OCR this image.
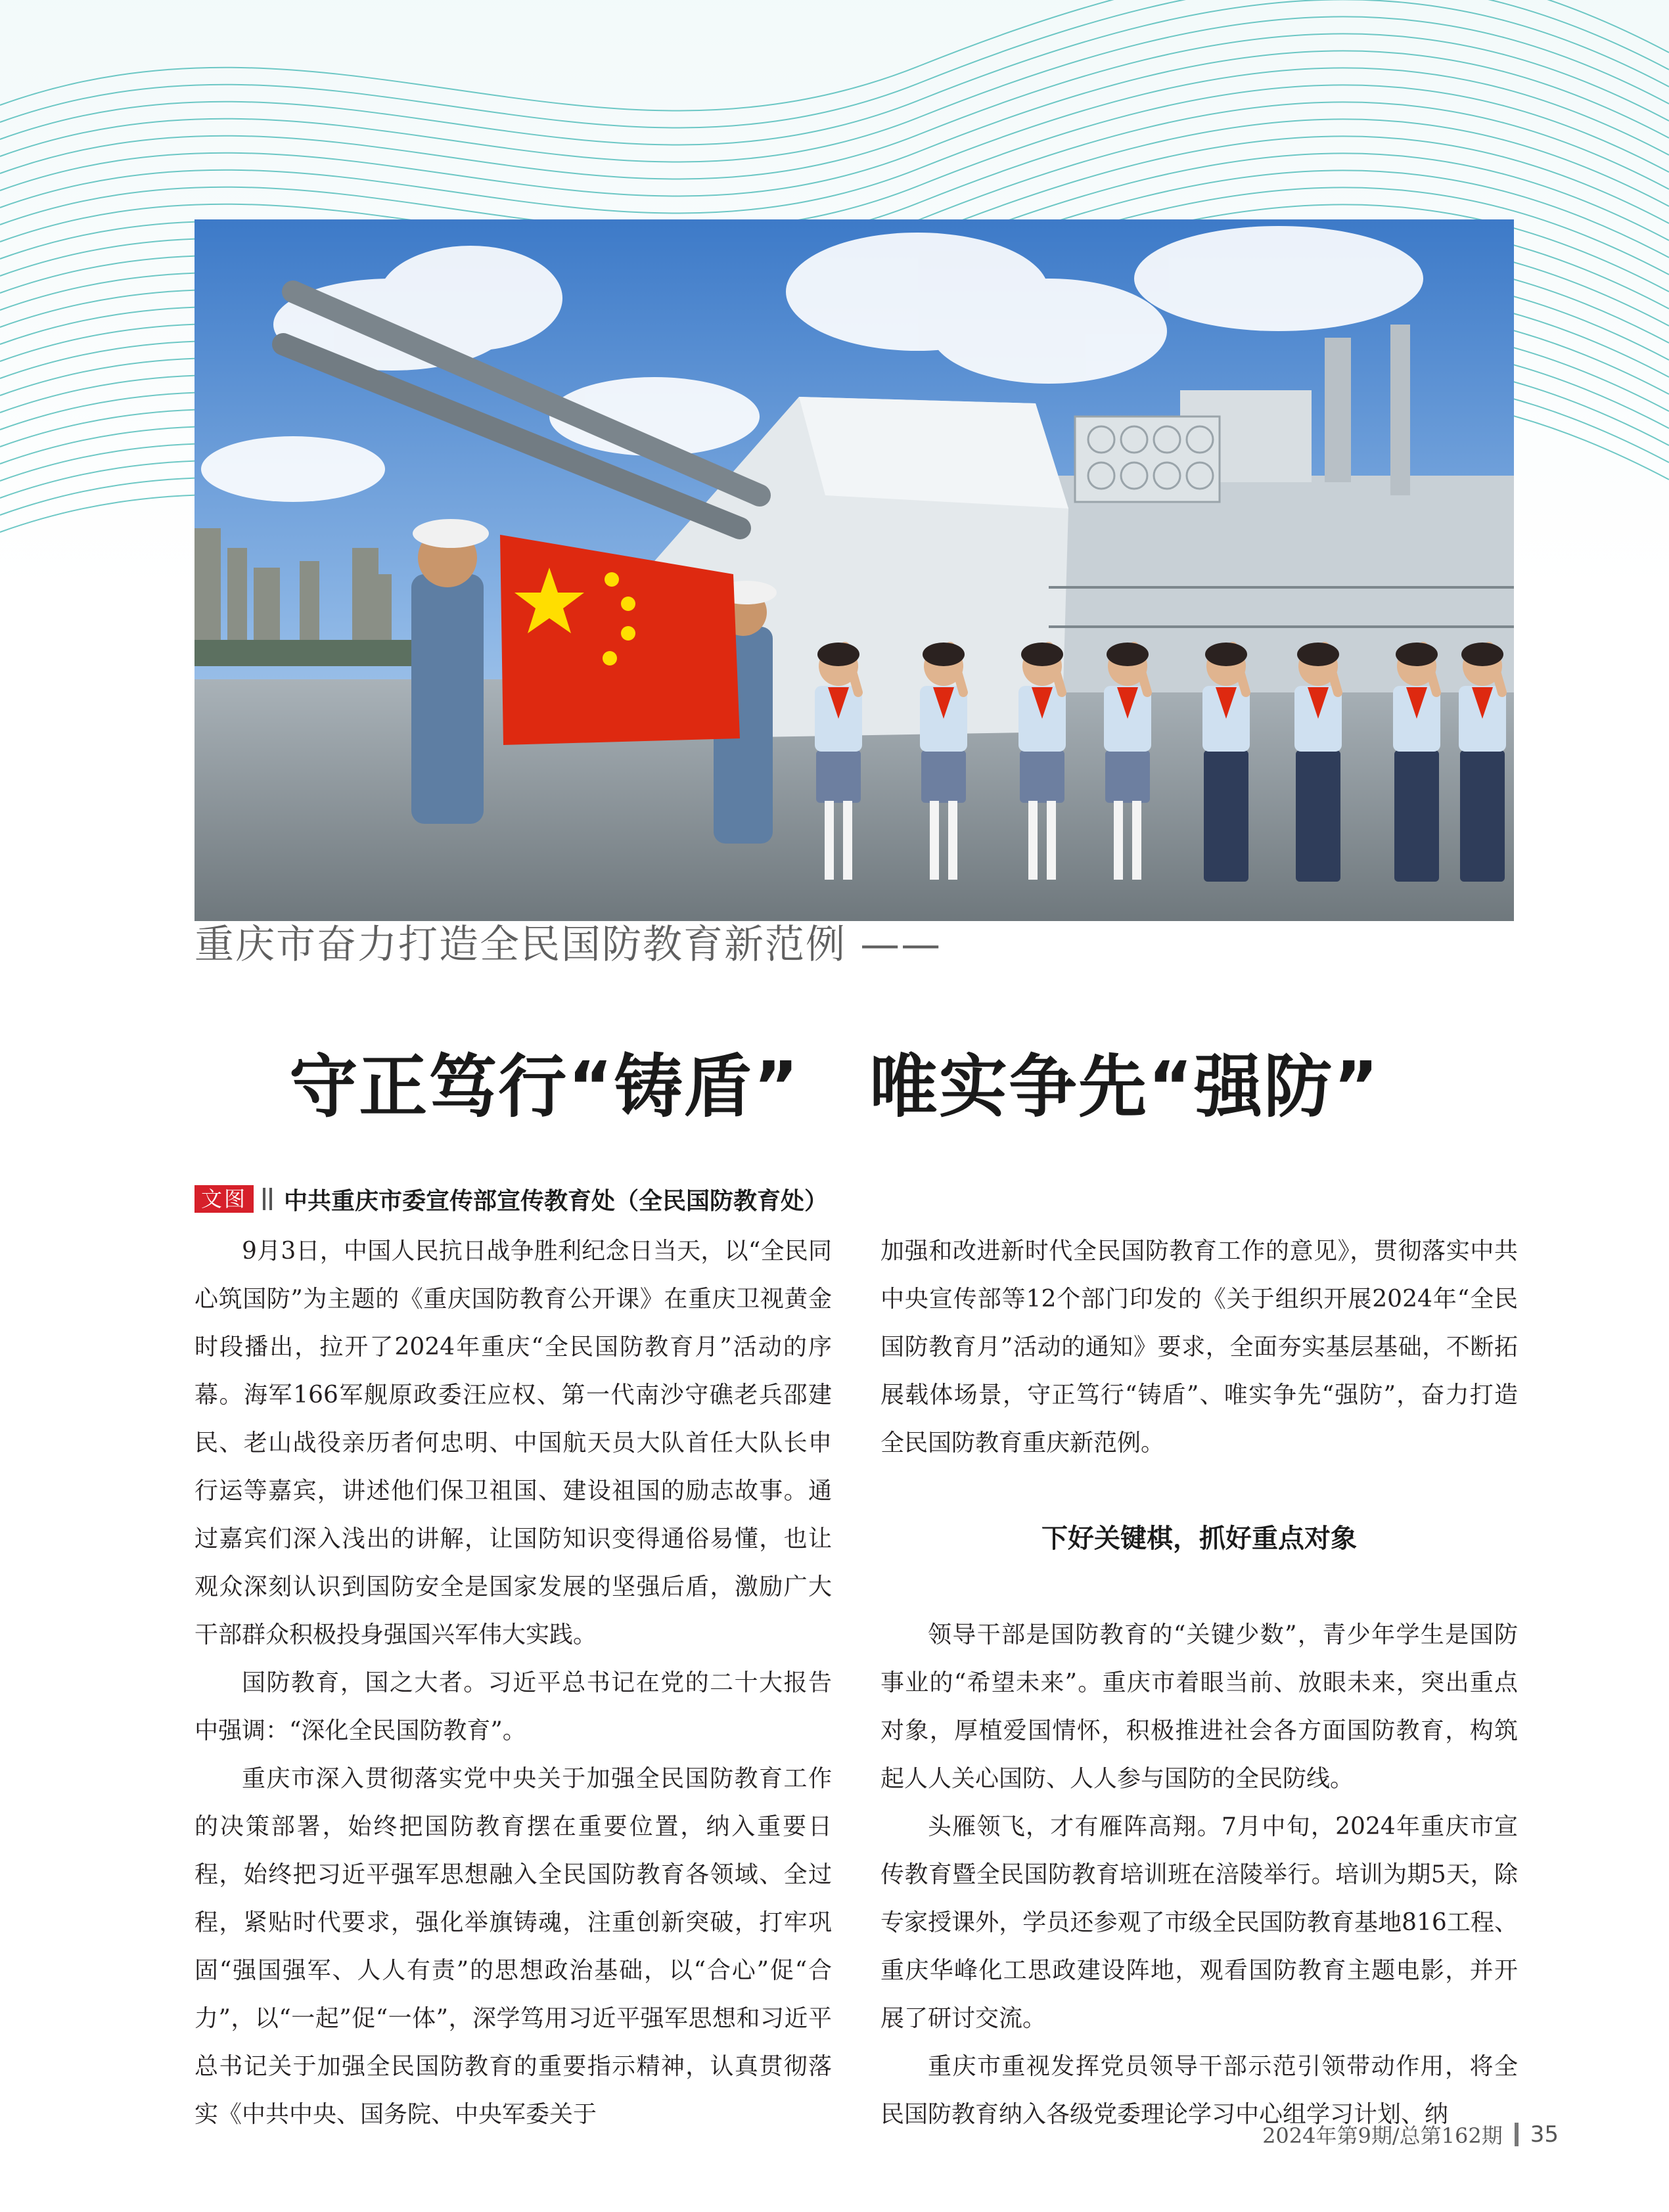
重庆市奋力打造全民国防教育新范例 ——
守正笃行“铸盾”　唯实争先“强防”
文图 中共重庆市委宣传部宣传教育处（全民国防教育处）

9月3日，中国人民抗日战争胜利纪念日当天，以“全民同心筑国防”为主题的《重庆国防教育公开课》在重庆卫视黄金时段播出，拉开了2024年重庆“全民国防教育月”活动的序幕。海军166军舰原政委汪应权、第一代南沙守礁老兵邵建民、老山战役亲历者何忠明、中国航天员大队首任大队长申行运等嘉宾，讲述他们保卫祖国、建设祖国的励志故事。通过嘉宾们深入浅出的讲解，让国防知识变得通俗易懂，也让观众深刻认识到国防安全是国家发展的坚强后盾，激励广大干部群众积极投身强国兴军伟大实践。

国防教育，国之大者。习近平总书记在党的二十大报告中强调：“深化全民国防教育”。

重庆市深入贯彻落实党中央关于加强全民国防教育工作的决策部署，始终把国防教育摆在重要位置，纳入重要日程，始终把习近平强军思想融入全民国防教育各领域、全过程，紧贴时代要求，强化举旗铸魂，注重创新突破，打牢巩固“强国强军、人人有责”的思想政治基础，以“合心”促“合力”，以“一起”促“一体”，深学笃用习近平强军思想和习近平总书记关于加强全民国防教育的重要指示精神，认真贯彻落实《中共中央、国务院、中央军委关于

加强和改进新时代全民国防教育工作的意见》，贯彻落实中共中央宣传部等12个部门印发的《关于组织开展2024年“全民国防教育月”活动的通知》要求，全面夯实基层基础，不断拓展载体场景，守正笃行“铸盾”、唯实争先“强防”，奋力打造全民国防教育重庆新范例。

下好关键棋，抓好重点对象

领导干部是国防教育的“关键少数”，青少年学生是国防事业的“希望未来”。重庆市着眼当前、放眼未来，突出重点对象，厚植爱国情怀，积极推进社会各方面国防教育，构筑起人人关心国防、人人参与国防的全民防线。

头雁领飞，才有雁阵高翔。7月中旬，2024年重庆市宣传教育暨全民国防教育培训班在涪陵举行。培训为期5天，除专家授课外，学员还参观了市级全民国防教育基地816工程、重庆华峰化工思政建设阵地，观看国防教育主题电影，并开展了研讨交流。

重庆市重视发挥党员领导干部示范引领带动作用，将全民国防教育纳入各级党委理论学习中心组学习计划、纳

2024年第9期/总第162期 35
